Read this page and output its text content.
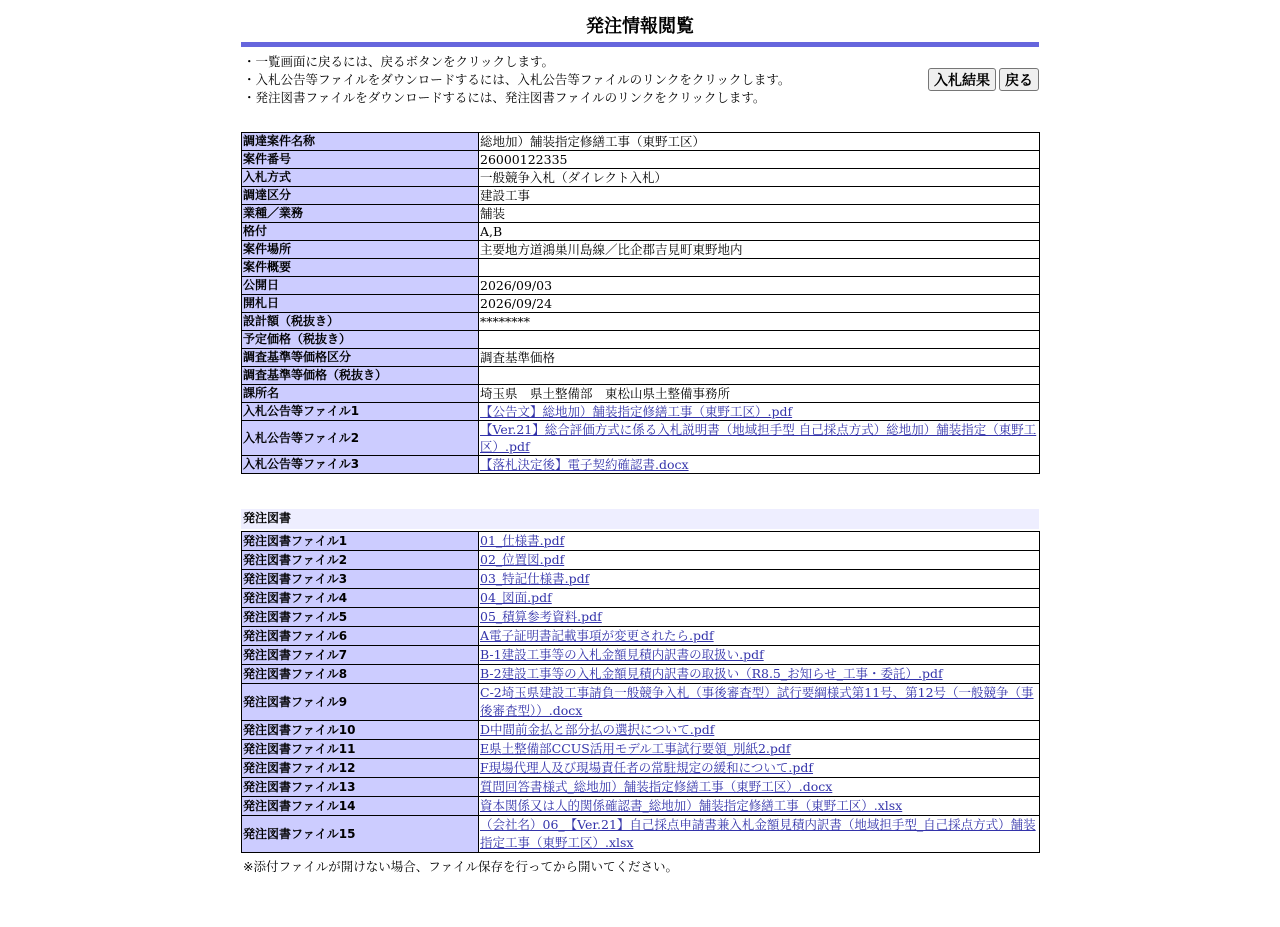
発注情報閲覧
・一覧画面に戻るには、戻るボタンをクリックします。
・入札公告等ファイルをダウンロードするには、入札公告等ファイルのリンクをクリックします。
・発注図書ファイルをダウンロードするには、発注図書ファイルのリンクをクリックします。
入札結果	戻る
調達案件名称	総地加）舗装指定修繕工事（東野工区）
案件番号	26000122335
入札方式	一般競争入札（ダイレクト入札）
調達区分	建設工事
業種／業務	舗装
格付	A,B
案件場所	主要地方道鴻巣川島線／比企郡吉見町東野地内
案件概要	
公開日	2026/09/03
開札日	2026/09/24
設計額（税抜き）	********
予定価格（税抜き）	
調査基準等価格区分	調査基準価格
調査基準等価格（税抜き）	
課所名	埼玉県　県土整備部　東松山県土整備事務所
入札公告等ファイル1	【公告文】総地加）舗装指定修繕工事（東野工区）.pdf
入札公告等ファイル2	【Ver.21】総合評価方式に係る入札説明書（地域担手型 自己採点方式）総地加）舗装指定（東野工区）.pdf
入札公告等ファイル3	【落札決定後】電子契約確認書.docx
発注図書
発注図書ファイル1	01_仕様書.pdf
発注図書ファイル2	02_位置図.pdf
発注図書ファイル3	03_特記仕様書.pdf
発注図書ファイル4	04_図面.pdf
発注図書ファイル5	05_積算参考資料.pdf
発注図書ファイル6	A電子証明書記載事項が変更されたら.pdf
発注図書ファイル7	B-1建設工事等の入札金額見積内訳書の取扱い.pdf
発注図書ファイル8	B-2建設工事等の入札金額見積内訳書の取扱い（R8.5_お知らせ_工事・委託）.pdf
発注図書ファイル9	C-2埼玉県建設工事請負一般競争入札（事後審査型）試行要綱様式第11号、第12号（一般競争（事後審査型））.docx
発注図書ファイル10	D中間前金払と部分払の選択について.pdf
発注図書ファイル11	E県土整備部CCUS活用モデル工事試行要領_別紙2.pdf
発注図書ファイル12	F現場代理人及び現場責任者の常駐規定の緩和について.pdf
発注図書ファイル13	質問回答書様式_総地加）舗装指定修繕工事（東野工区）.docx
発注図書ファイル14	資本関係又は人的関係確認書_総地加）舗装指定修繕工事（東野工区）.xlsx
発注図書ファイル15	（会社名）06_【Ver.21】自己採点申請書兼入札金額見積内訳書（地域担手型_自己採点方式）舗装指定工事（東野工区）.xlsx
※添付ファイルが開けない場合、ファイル保存を行ってから開いてください。
